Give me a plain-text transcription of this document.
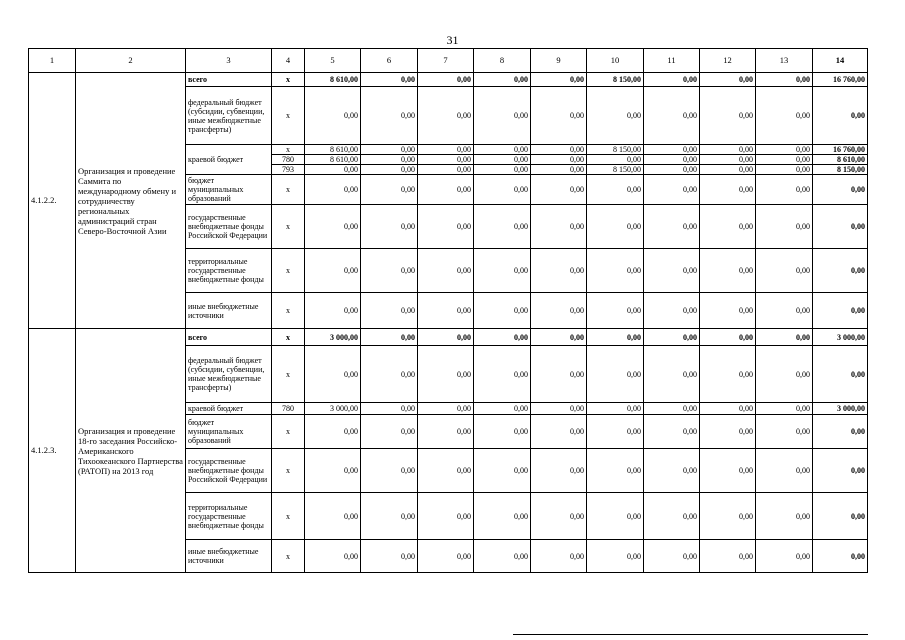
31
1	2	3	4	5	6	7	8	9	10	11	12	13	14
4.1.2.2.	Организация и проведение Саммита по международному обмену и сотрудничеству региональных администраций стран Северо-Восточной Азии	всего	х	8 610,00	0,00	0,00	0,00	0,00	8 150,00	0,00	0,00	0,00	16 760,00
		федеральный бюджет (субсидии, субвенции, иные межбюджетные трансферты)	х	0,00	0,00	0,00	0,00	0,00	0,00	0,00	0,00	0,00	0,00
		краевой бюджет	х	8 610,00	0,00	0,00	0,00	0,00	8 150,00	0,00	0,00	0,00	16 760,00
			780	8 610,00	0,00	0,00	0,00	0,00	0,00	0,00	0,00	0,00	8 610,00
			793	0,00	0,00	0,00	0,00	0,00	8 150,00	0,00	0,00	0,00	8 150,00
		бюджет муниципальных образований	х	0,00	0,00	0,00	0,00	0,00	0,00	0,00	0,00	0,00	0,00
		государственные внебюджетные фонды Российской Федерации	х	0,00	0,00	0,00	0,00	0,00	0,00	0,00	0,00	0,00	0,00
		территориальные государственные внебюджетные фонды	х	0,00	0,00	0,00	0,00	0,00	0,00	0,00	0,00	0,00	0,00
		иные внебюджетные источники	х	0,00	0,00	0,00	0,00	0,00	0,00	0,00	0,00	0,00	0,00
4.1.2.3.	Организация и проведение 18-го заседания Российско-Американского Тихоокеанского Партнерства (РАТОП) на 2013 год	всего	х	3 000,00	0,00	0,00	0,00	0,00	0,00	0,00	0,00	0,00	3 000,00
		федеральный бюджет (субсидии, субвенции, иные межбюджетные трансферты)	х	0,00	0,00	0,00	0,00	0,00	0,00	0,00	0,00	0,00	0,00
		краевой бюджет	780	3 000,00	0,00	0,00	0,00	0,00	0,00	0,00	0,00	0,00	3 000,00
		бюджет муниципальных образований	х	0,00	0,00	0,00	0,00	0,00	0,00	0,00	0,00	0,00	0,00
		государственные внебюджетные фонды Российской Федерации	х	0,00	0,00	0,00	0,00	0,00	0,00	0,00	0,00	0,00	0,00
		территориальные государственные внебюджетные фонды	х	0,00	0,00	0,00	0,00	0,00	0,00	0,00	0,00	0,00	0,00
		иные внебюджетные источники	х	0,00	0,00	0,00	0,00	0,00	0,00	0,00	0,00	0,00	0,00
